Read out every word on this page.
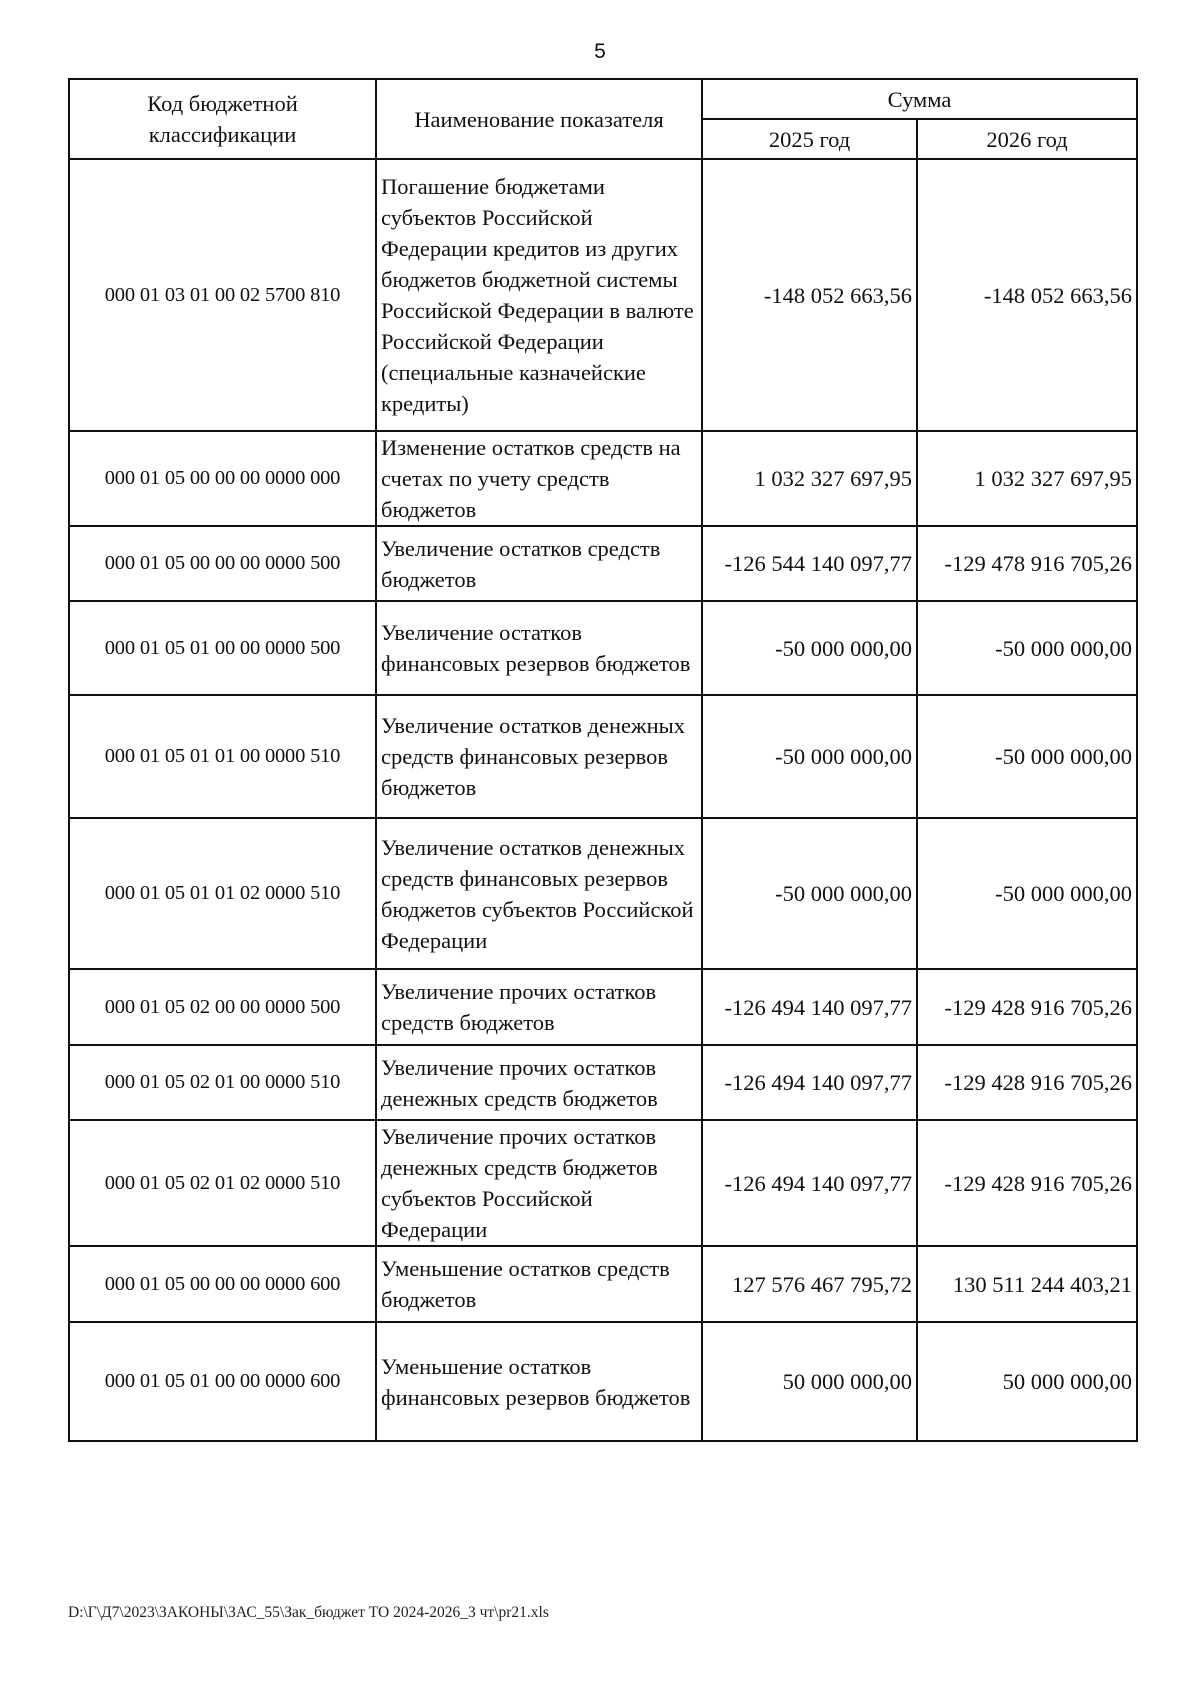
5
Код бюджетной классификации	Наименование показателя	Сумма	
		2025 год	2026 год
000 01 03 01 00 02 5700 810	Погашение бюджетами субъектов Российской Федерации кредитов из других бюджетов бюджетной системы Российской Федерации в валюте Российской Федерации (специальные казначейские кредиты)	-148 052 663,56	-148 052 663,56
000 01 05 00 00 00 0000 000	Изменение остатков средств на счетах по учету средств бюджетов	1 032 327 697,95	1 032 327 697,95
000 01 05 00 00 00 0000 500	Увеличение остатков средств бюджетов	-126 544 140 097,77	-129 478 916 705,26
000 01 05 01 00 00 0000 500	Увеличение остатков финансовых резервов бюджетов	-50 000 000,00	-50 000 000,00
000 01 05 01 01 00 0000 510	Увеличение остатков денежных средств финансовых резервов бюджетов	-50 000 000,00	-50 000 000,00
000 01 05 01 01 02 0000 510	Увеличение остатков денежных средств финансовых резервов бюджетов субъектов Российской Федерации	-50 000 000,00	-50 000 000,00
000 01 05 02 00 00 0000 500	Увеличение прочих остатков средств бюджетов	-126 494 140 097,77	-129 428 916 705,26
000 01 05 02 01 00 0000 510	Увеличение прочих остатков денежных средств бюджетов	-126 494 140 097,77	-129 428 916 705,26
000 01 05 02 01 02 0000 510	Увеличение прочих остатков денежных средств бюджетов субъектов Российской Федерации	-126 494 140 097,77	-129 428 916 705,26
000 01 05 00 00 00 0000 600	Уменьшение остатков средств бюджетов	127 576 467 795,72	130 511 244 403,21
000 01 05 01 00 00 0000 600	Уменьшение остатков финансовых резервов бюджетов	50 000 000,00	50 000 000,00
D:\Г\Д7\2023\ЗАКОНЫ\ЗАС_55\Зак_бюджет ТО 2024-2026_3 чт\pr21.xls
